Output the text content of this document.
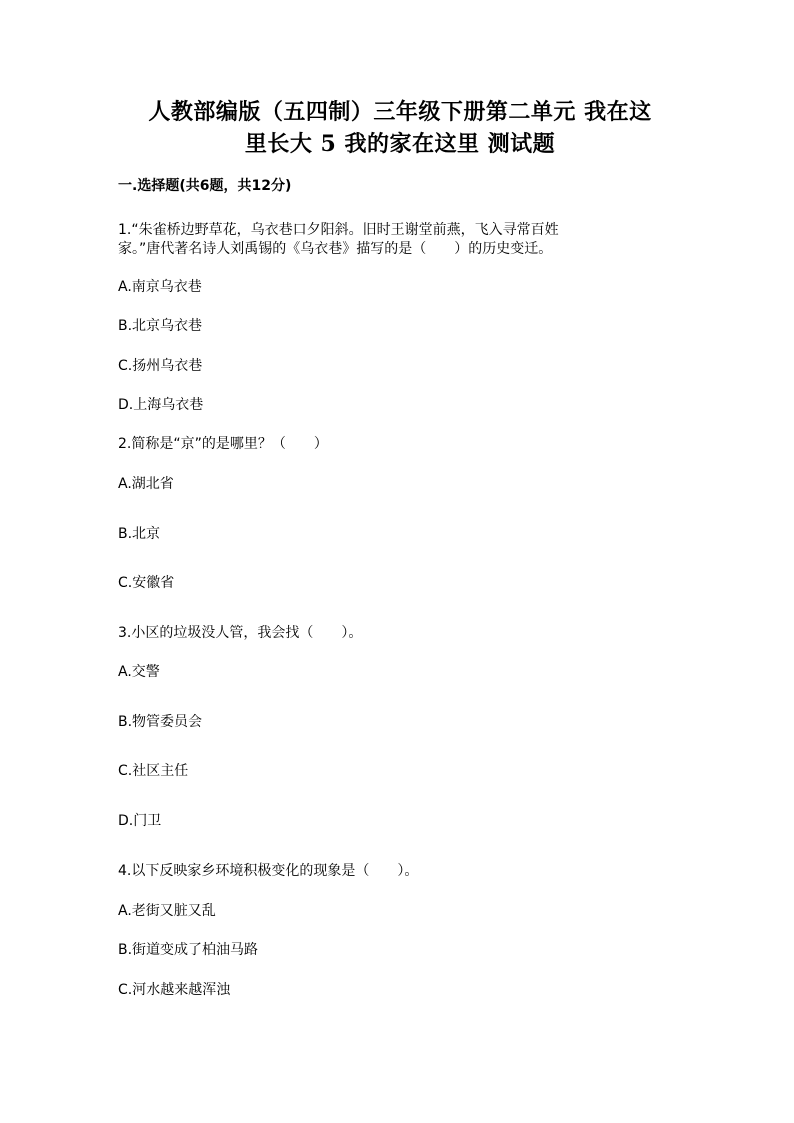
人教部编版（五四制）三年级下册第二单元 我在这
里长大 5 我的家在这里 测试题
一.选择题(共6题，共12分)
1.“朱雀桥边野草花，乌衣巷口夕阳斜。旧时王谢堂前燕，飞入寻常百姓
家。”唐代著名诗人刘禹锡的《乌衣巷》描写的是（　　）的历史变迁。
A.南京乌衣巷
B.北京乌衣巷
C.扬州乌衣巷
D.上海乌衣巷
2.简称是“京”的是哪里？（　　）
A.湖北省
B.北京
C.安徽省
3.小区的垃圾没人管，我会找（　　）。
A.交警
B.物管委员会
C.社区主任
D.门卫
4.以下反映家乡环境积极变化的现象是（　　）。
A.老街又脏又乱
B.街道变成了柏油马路
C.河水越来越浑浊
